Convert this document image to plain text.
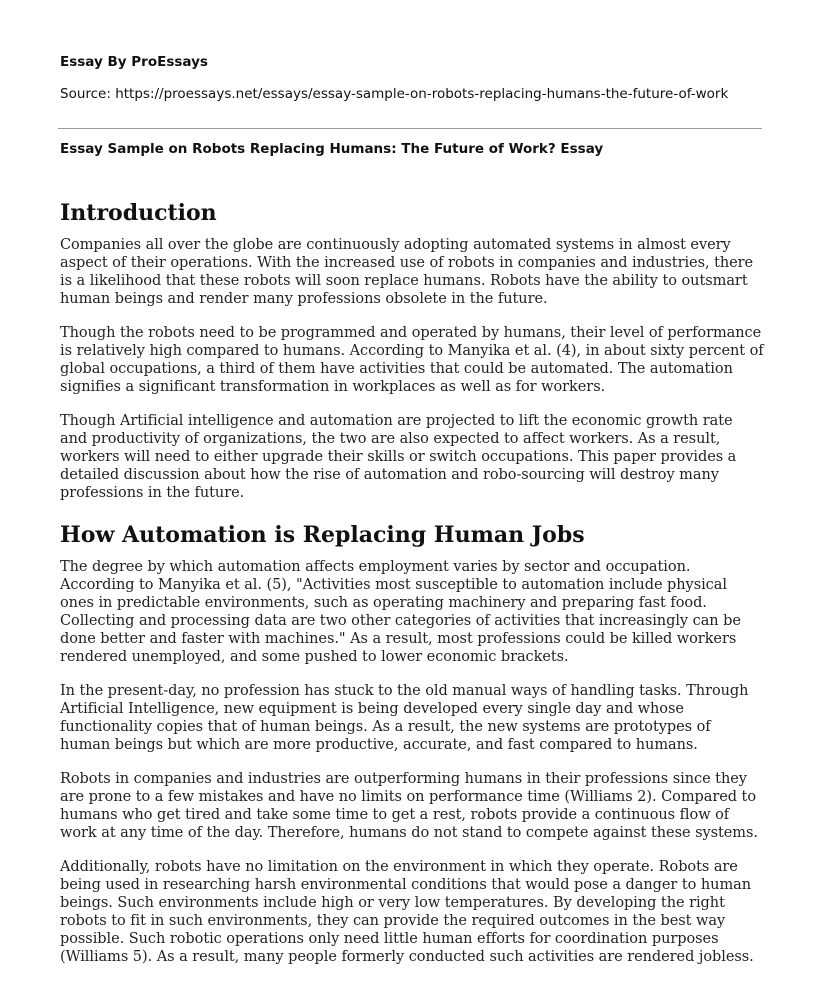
Essay By ProEssays
Source: https://proessays.net/essays/essay-sample-on-robots-replacing-humans-the-future-of-work
Essay Sample on Robots Replacing Humans: The Future of Work? Essay
Introduction

Companies all over the globe are continuously adopting automated systems in almost every aspect of their operations. With the increased use of robots in companies and industries, there is a likelihood that these robots will soon replace humans. Robots have the ability to outsmart human beings and render many professions obsolete in the future.

Though the robots need to be programmed and operated by humans, their level of performance is relatively high compared to humans. According to Manyika et al. (4), in about sixty percent of global occupations, a third of them have activities that could be automated. The automation signifies a significant transformation in workplaces as well as for workers.

Though Artificial intelligence and automation are projected to lift the economic growth rate and productivity of organizations, the two are also expected to affect workers. As a result, workers will need to either upgrade their skills or switch occupations. This paper provides a detailed discussion about how the rise of automation and robo-sourcing will destroy many professions in the future.

How Automation is Replacing Human Jobs

The degree by which automation affects employment varies by sector and occupation. According to Manyika et al. (5), "Activities most susceptible to automation include physical ones in predictable environments, such as operating machinery and preparing fast food. Collecting and processing data are two other categories of activities that increasingly can be done better and faster with machines." As a result, most professions could be killed workers rendered unemployed, and some pushed to lower economic brackets.

In the present-day, no profession has stuck to the old manual ways of handling tasks. Through Artificial Intelligence, new equipment is being developed every single day and whose functionality copies that of human beings. As a result, the new systems are prototypes of human beings but which are more productive, accurate, and fast compared to humans.

Robots in companies and industries are outperforming humans in their professions since they are prone to a few mistakes and have no limits on performance time (Williams 2). Compared to humans who get tired and take some time to get a rest, robots provide a continuous flow of work at any time of the day. Therefore, humans do not stand to compete against these systems.

Additionally, robots have no limitation on the environment in which they operate. Robots are being used in researching harsh environmental conditions that would pose a danger to human beings. Such environments include high or very low temperatures. By developing the right robots to fit in such environments, they can provide the required outcomes in the best way possible. Such robotic operations only need little human efforts for coordination purposes (Williams 5). As a result, many people formerly conducted such activities are rendered jobless.
